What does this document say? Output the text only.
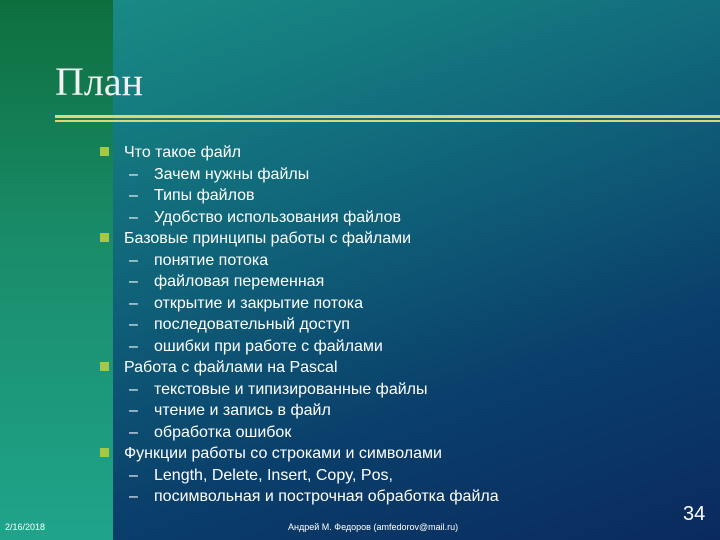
План
Что такое файл
– Зачем нужны файлы
– Типы файлов
– Удобство использования файлов
Базовые принципы работы с файлами
– понятие потока
– файловая переменная
– открытие и закрытие потока
– последовательный доступ
– ошибки при работе с файлами
Работа с файлами на Pascal
– текстовые и типизированные файлы
– чтение и запись в файл
– обработка ошибок
Функции работы со строками и символами
– Length, Delete, Insert, Copy, Pos,
– посимвольная и построчная обработка файла
2/16/2018	Андрей М. Федоров (amfedorov@mail.ru)
34
